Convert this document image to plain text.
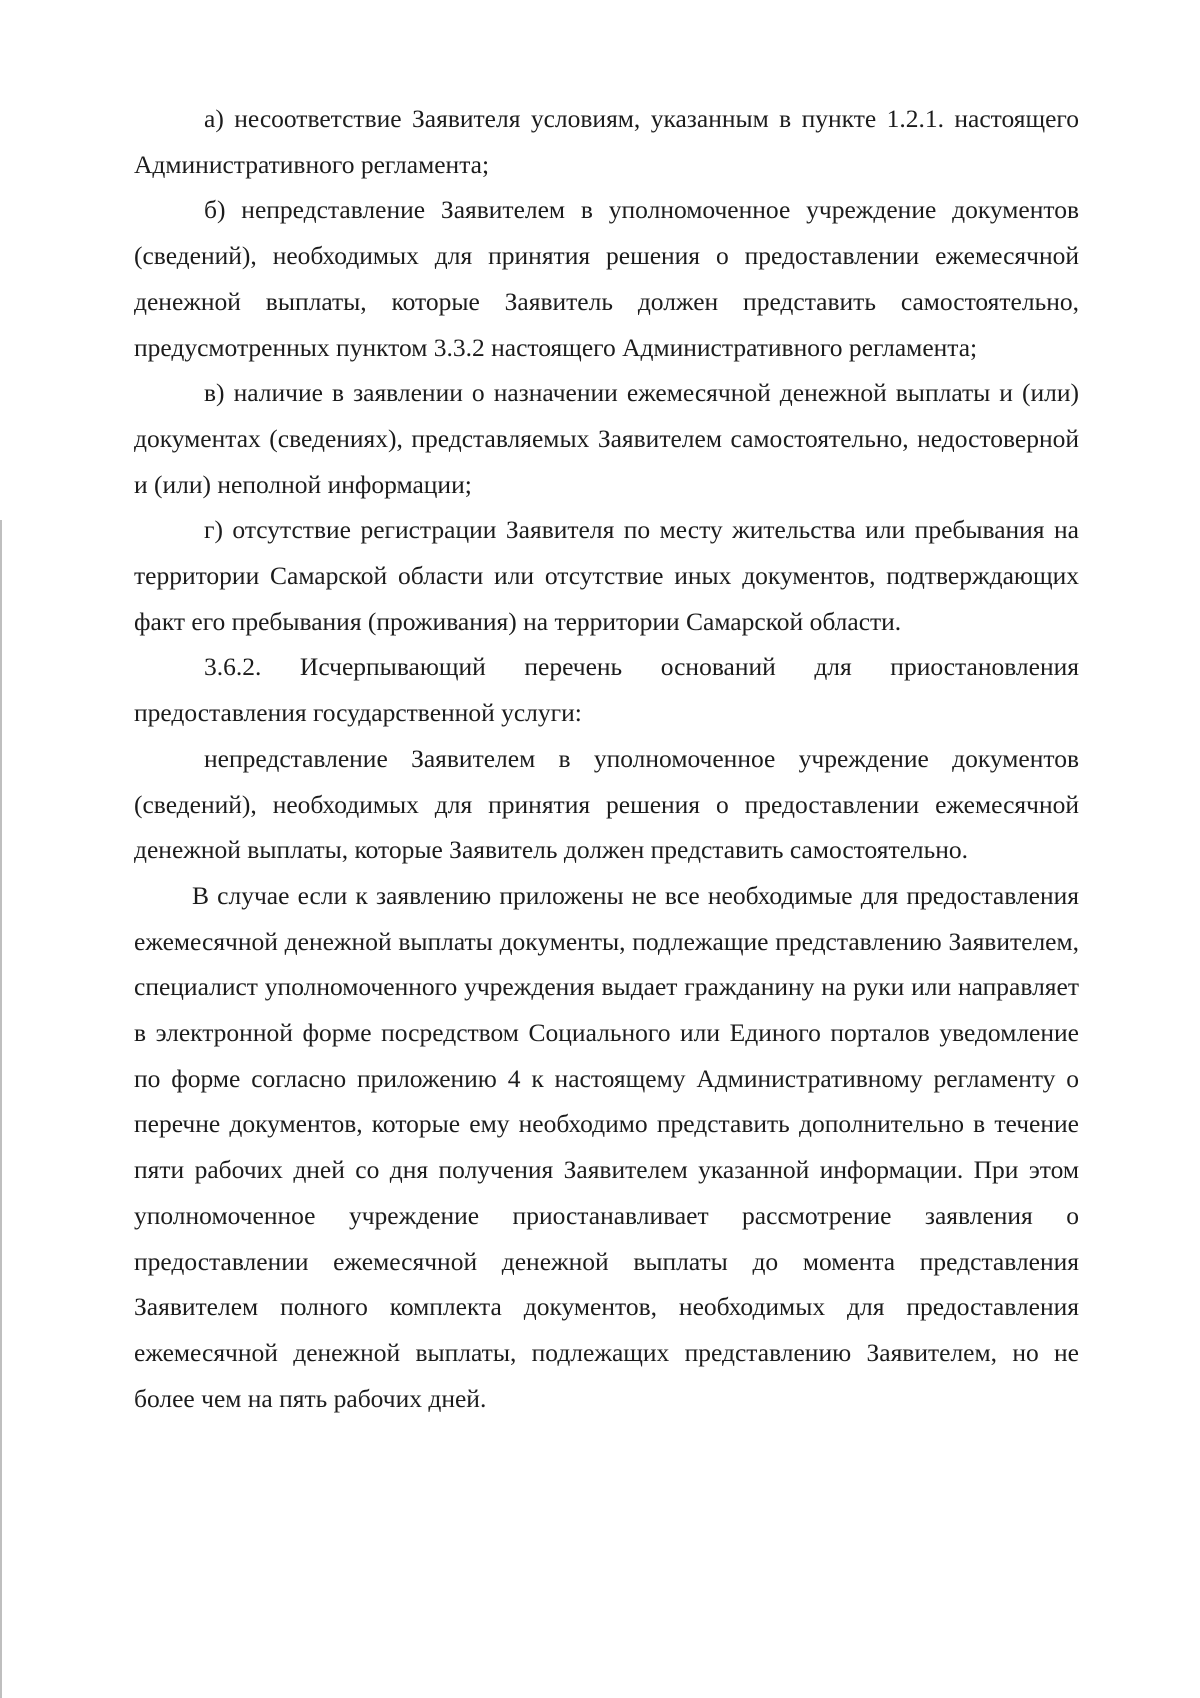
а) несоответствие Заявителя условиям, указанным в пункте 1.2.1. настоящего Административного регламента;

б) непредставление Заявителем в уполномоченное учреждение документов (сведений), необходимых для принятия решения о предоставлении ежемесячной денежной выплаты, которые Заявитель должен представить самостоятельно, предусмотренных пунктом 3.3.2 настоящего Административного регламента;

в) наличие в заявлении о назначении ежемесячной денежной выплаты и (или) документах (сведениях), представляемых Заявителем самостоятельно, недостоверной и (или) неполной информации;

г) отсутствие регистрации Заявителя по месту жительства или пребывания на территории Самарской области или отсутствие иных документов, подтверждающих факт его пребывания (проживания) на территории Самарской области.

3.6.2. Исчерпывающий перечень оснований для приостановления предоставления государственной услуги:

непредставление Заявителем в уполномоченное учреждение документов (сведений), необходимых для принятия решения о предоставлении ежемесячной денежной выплаты, которые Заявитель должен представить самостоятельно.

В случае если к заявлению приложены не все необходимые для предоставления ежемесячной денежной выплаты документы, подлежащие представлению Заявителем, специалист уполномоченного учреждения выдает гражданину на руки или направляет в электронной форме посредством Социального или Единого порталов уведомление по форме согласно приложению 4 к настоящему Административному регламенту о перечне документов, которые ему необходимо представить дополнительно в течение пяти рабочих дней со дня получения Заявителем указанной информации. При этом уполномоченное учреждение приостанавливает рассмотрение заявления о предоставлении ежемесячной денежной выплаты до момента представления Заявителем полного комплекта документов, необходимых для предоставления ежемесячной денежной выплаты, подлежащих представлению Заявителем, но не более чем на пять рабочих дней.
